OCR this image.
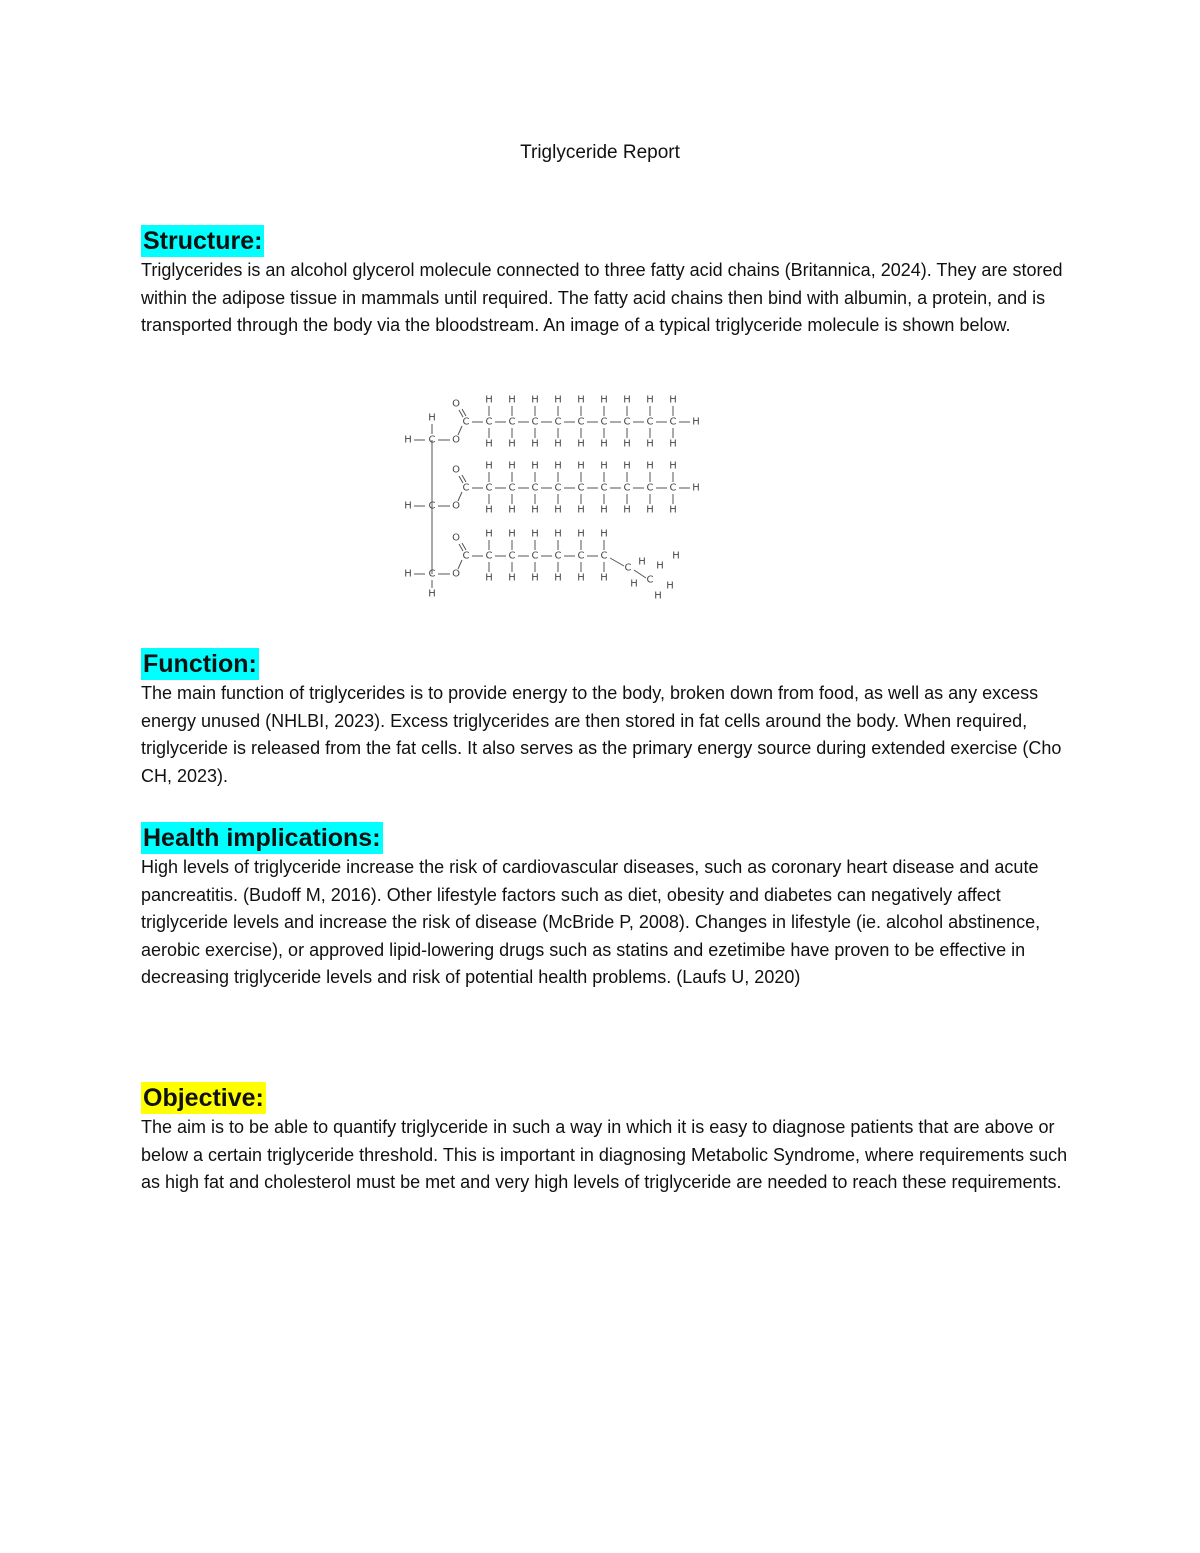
Triglyceride Report
Structure:

Triglycerides is an alcohol glycerol molecule connected to three fatty acid chains (Britannica, 2024). They are stored within the adipose tissue in mammals until required. The fatty acid chains then bind with albumin, a protein, and is transported through the body via the bloodstream. An image of a typical triglyceride molecule is shown below.

H C O
H	C
O
C
H
H
C
H
H
C
H
H
C
H
H
C
H
H
C
H
H
C
H
H
C
H
H
C
H
H
H
H C O
C
O
C
H
H
C
H
H
C
H
H
C
H
H
C
H
H
C
H
H
C
H
H
C
H
H
C
H
H
H
H C O
H
C
O
C
H
H
C
H
H
C
H
H
C
H
H
C
H
H
C
H
H
C
H
H C
H
H
H
H
Function:

The main function of triglycerides is to provide energy to the body, broken down from food, as well as any excess energy unused (NHLBI, 2023). Excess triglycerides are then stored in fat cells around the body. When required, triglyceride is released from the fat cells. It also serves as the primary energy source during extended exercise (Cho CH, 2023).

Health implications:

High levels of triglyceride increase the risk of cardiovascular diseases, such as coronary heart disease and acute pancreatitis. (Budoff M, 2016). Other lifestyle factors such as diet, obesity and diabetes can negatively affect triglyceride levels and increase the risk of disease (McBride P, 2008). Changes in lifestyle (ie. alcohol abstinence, aerobic exercise), or approved lipid-lowering drugs such as statins and ezetimibe have proven to be effective in decreasing triglyceride levels and risk of potential health problems. (Laufs U, 2020)

Objective:

The aim is to be able to quantify triglyceride in such a way in which it is easy to diagnose patients that are above or below a certain triglyceride threshold. This is important in diagnosing Metabolic Syndrome, where requirements such as high fat and cholesterol must be met and very high levels of triglyceride are needed to reach these requirements.
